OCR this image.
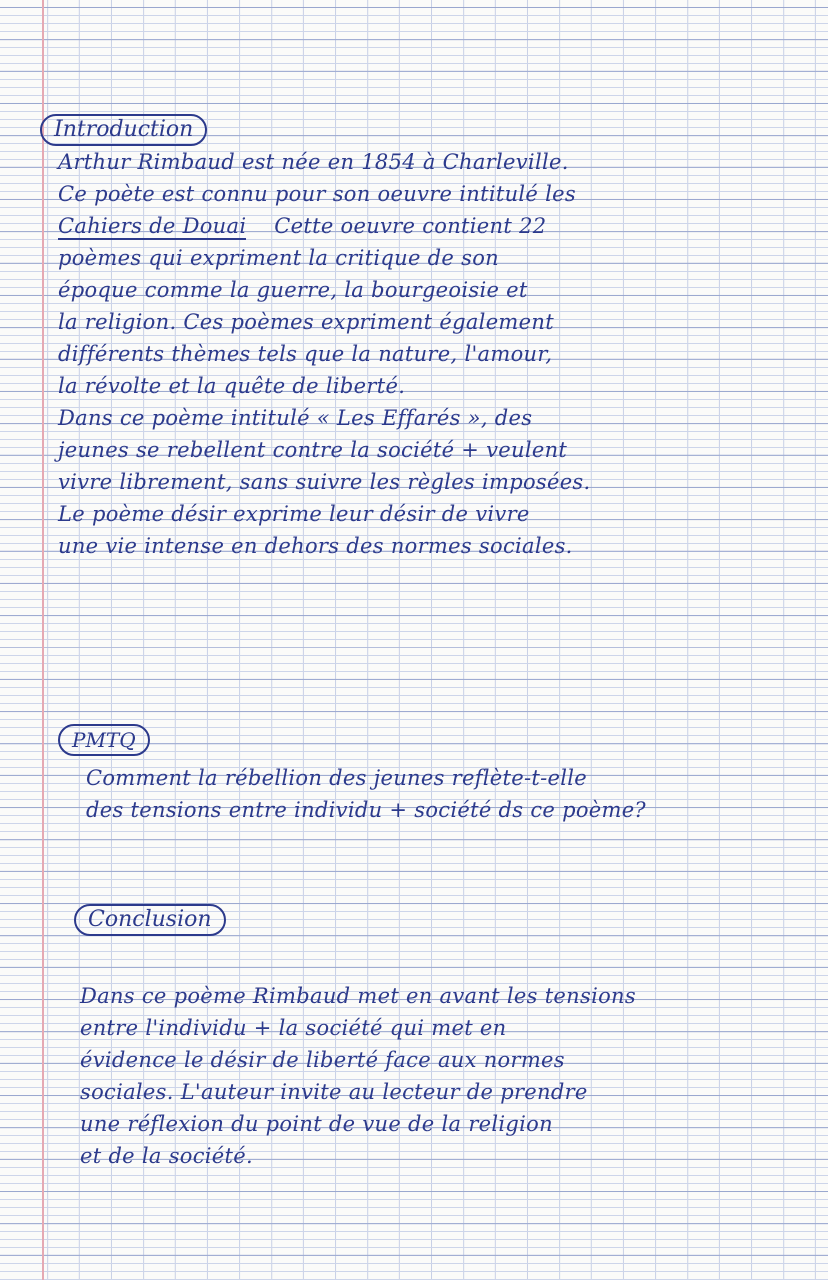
Introduction
Arthur Rimbaud est née en 1854 à Charleville.
Ce poète est connu pour son oeuvre intitulé les
Cahiers de Douai Cette oeuvre contient 22
poèmes qui expriment la critique de son
époque comme la guerre, la bourgeoisie et
la religion. Ces poèmes expriment également
différents thèmes tels que la nature, l'amour,
la révolte et la quête de liberté.
Dans ce poème intitulé « Les Effarés », des
jeunes se rebellent contre la société + veulent
vivre librement, sans suivre les règles imposées.
Le poème désir exprime leur désir de vivre
une vie intense en dehors des normes sociales.
PMTQ
Comment la rébellion des jeunes reflète-t-elle
des tensions entre individu + société ds ce poème?
Conclusion
Dans ce poème Rimbaud met en avant les tensions
entre l'individu + la société qui met en
évidence le désir de liberté face aux normes
sociales. L'auteur invite au lecteur de prendre
une réflexion du point de vue de la religion
et de la société.
